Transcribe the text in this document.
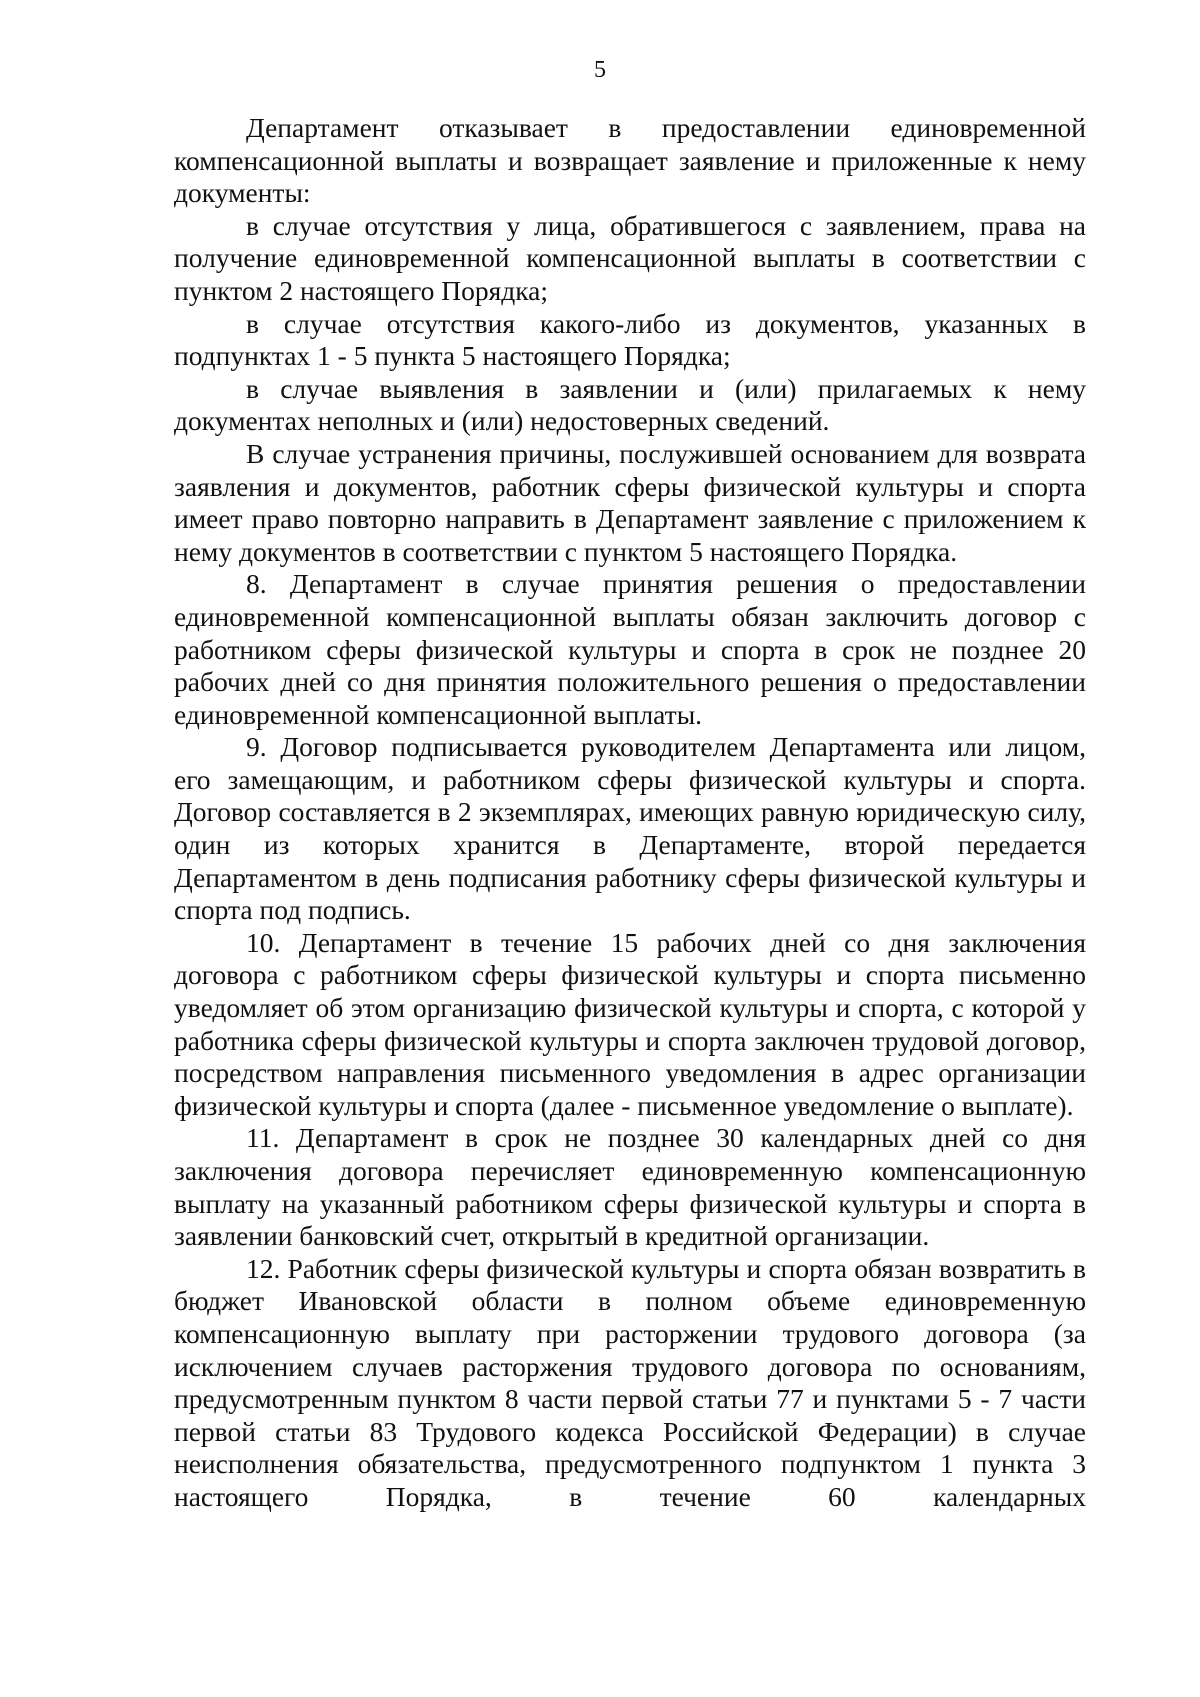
5

Департамент отказывает в предоставлении единовременной компенсационной выплаты и возвращает заявление и приложенные к нему документы:

в случае отсутствия у лица, обратившегося с заявлением, права на получение единовременной компенсационной выплаты в соответствии с пунктом 2 настоящего Порядка;

в случае отсутствия какого-либо из документов, указанных в подпунктах 1 - 5 пункта 5 настоящего Порядка;

в случае выявления в заявлении и (или) прилагаемых к нему документах неполных и (или) недостоверных сведений.

В случае устранения причины, послужившей основанием для возврата заявления и документов, работник сферы физической культуры и спорта имеет право повторно направить в Департамент заявление с приложением к нему документов в соответствии с пунктом 5 настоящего Порядка.

8. Департамент в случае принятия решения о предоставлении единовременной компенсационной выплаты обязан заключить договор с работником сферы физической культуры и спорта в срок не позднее 20 рабочих дней со дня принятия положительного решения о предоставлении единовременной компенсационной выплаты.

9. Договор подписывается руководителем Департамента или лицом, его замещающим, и работником сферы физической культуры и спорта. Договор составляется в 2 экземплярах, имеющих равную юридическую силу, один из которых хранится в Департаменте, второй передается Департаментом в день подписания работнику сферы физической культуры и спорта под подпись.

10. Департамент в течение 15 рабочих дней со дня заключения договора с работником сферы физической культуры и спорта письменно уведомляет об этом организацию физической культуры и спорта, с которой у работника сферы физической культуры и спорта заключен трудовой договор, посредством направления письменного уведомления в адрес организации физической культуры и спорта (далее - письменное уведомление о выплате).

11. Департамент в срок не позднее 30 календарных дней со дня заключения договора перечисляет единовременную компенсационную выплату на указанный работником сферы физической культуры и спорта в заявлении банковский счет, открытый в кредитной организации.

12. Работник сферы физической культуры и спорта обязан возвратить в бюджет Ивановской области в полном объеме единовременную компенсационную выплату при расторжении трудового договора (за исключением случаев расторжения трудового договора по основаниям, предусмотренным пунктом 8 части первой статьи 77 и пунктами 5 - 7 части первой статьи 83 Трудового кодекса Российской Федерации) в случае неисполнения обязательства, предусмотренного подпунктом 1 пункта 3 настоящего Порядка, в течение 60 календарных
